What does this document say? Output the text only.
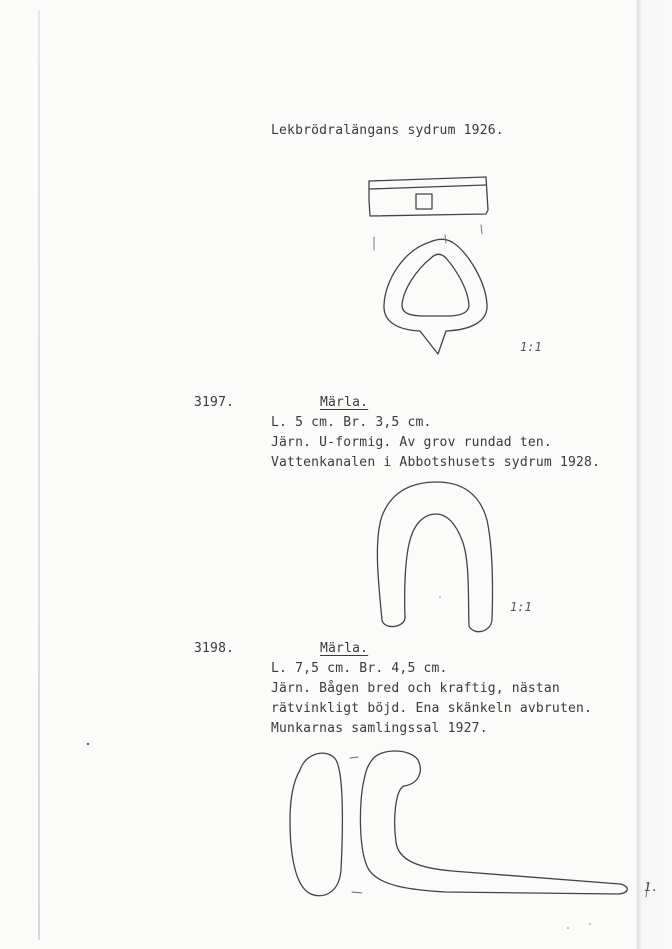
Lekbrödralängans sydrum 1926.
3197.	Märla.
L. 5 cm. Br. 3,5 cm.
Järn. U-formig. Av grov rundad ten.
Vattenkanalen i Abbotshusets sydrum 1928.
3198.	Märla.
L. 7,5 cm. Br. 4,5 cm.
Järn. Bågen bred och kraftig, nästan
rätvinkligt böjd. Ena skänkeln avbruten.
Munkarnas samlingssal 1927.
1:1
1:1
1.
